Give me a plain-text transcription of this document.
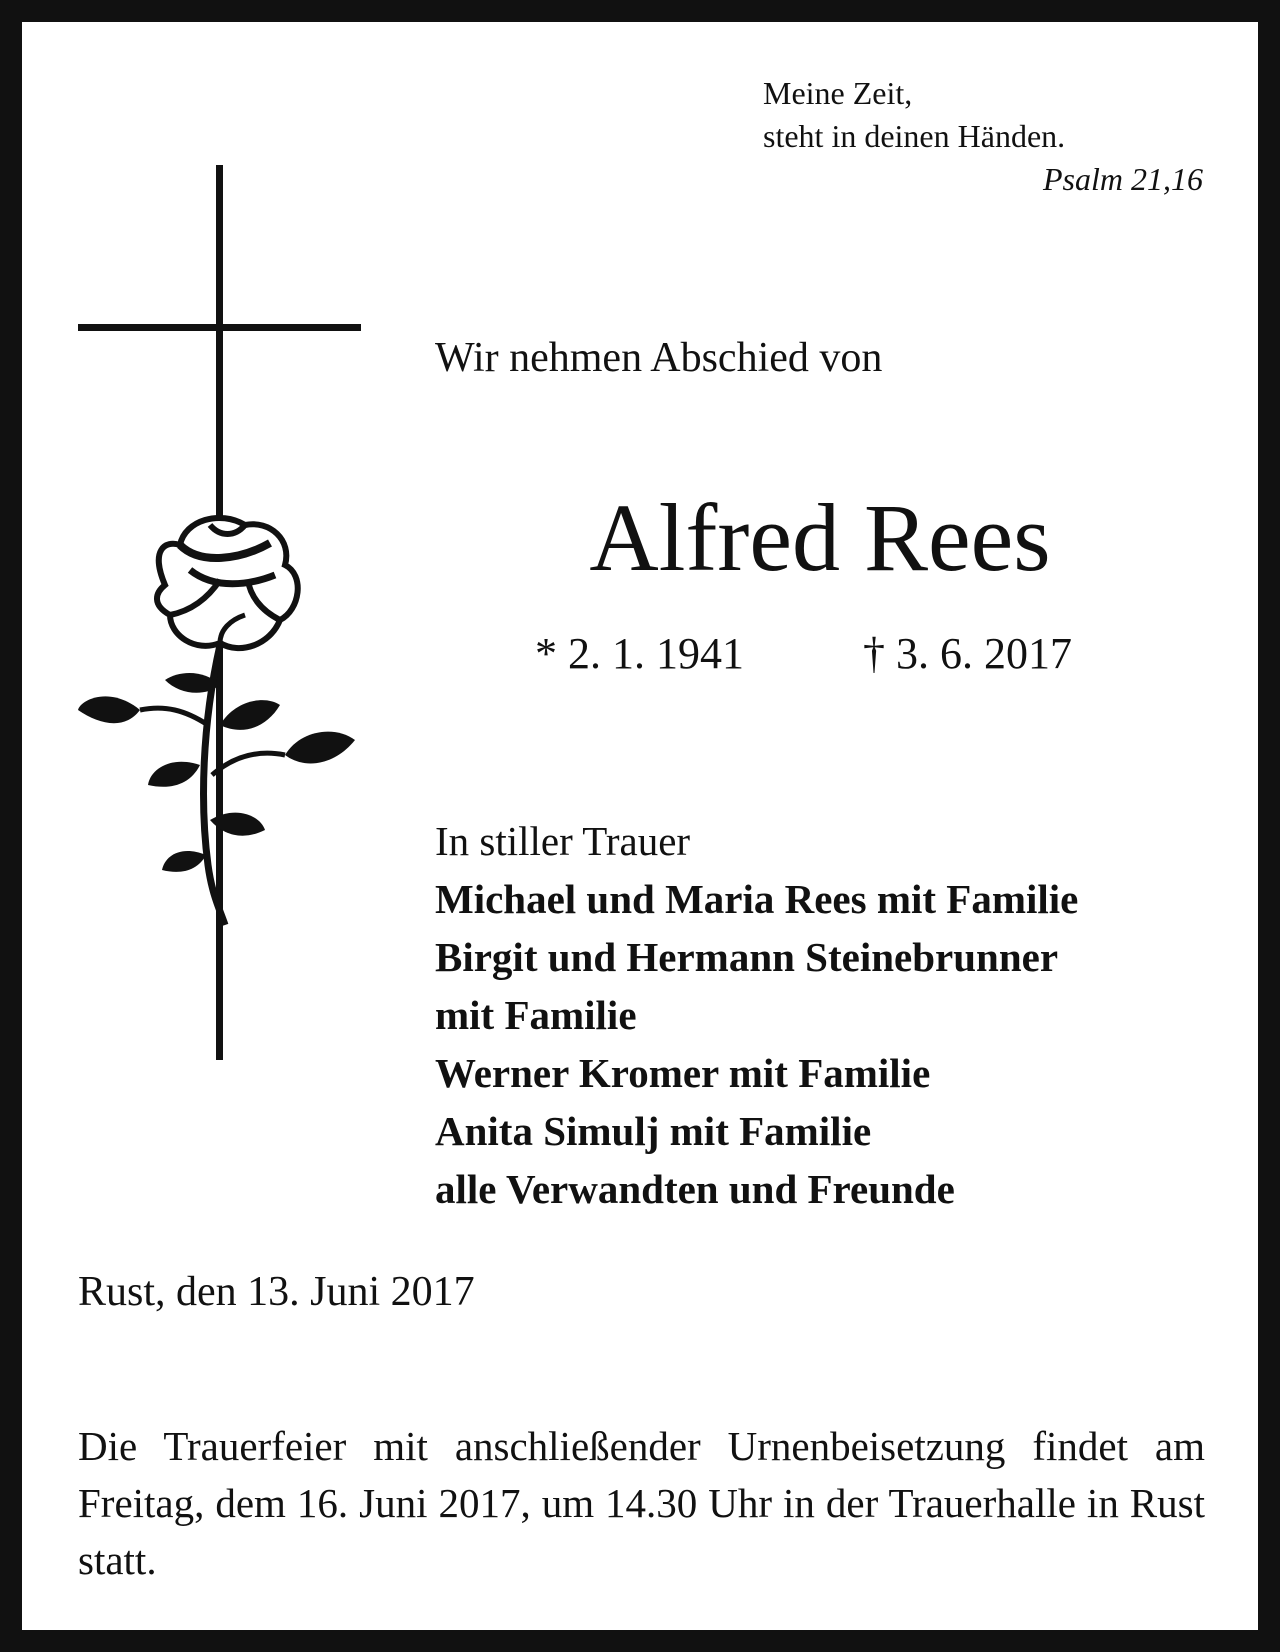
Meine Zeit,
steht in deinen Händen.
Psalm 21,16
Wir nehmen Abschied von
Alfred Rees
* 2. 1. 1941	† 3. 6. 2017
In stiller Trauer
Michael und Maria Rees mit Familie
Birgit und Hermann Steinebrunner
mit Familie
Werner Kromer mit Familie
Anita Simulj mit Familie
alle Verwandten und Freunde
Rust, den 13. Juni 2017
Die Trauerfeier mit anschließender Urnenbeisetzung findet am Freitag, dem 16. Juni 2017, um 14.30 Uhr in der Trauerhalle in Rust statt.
